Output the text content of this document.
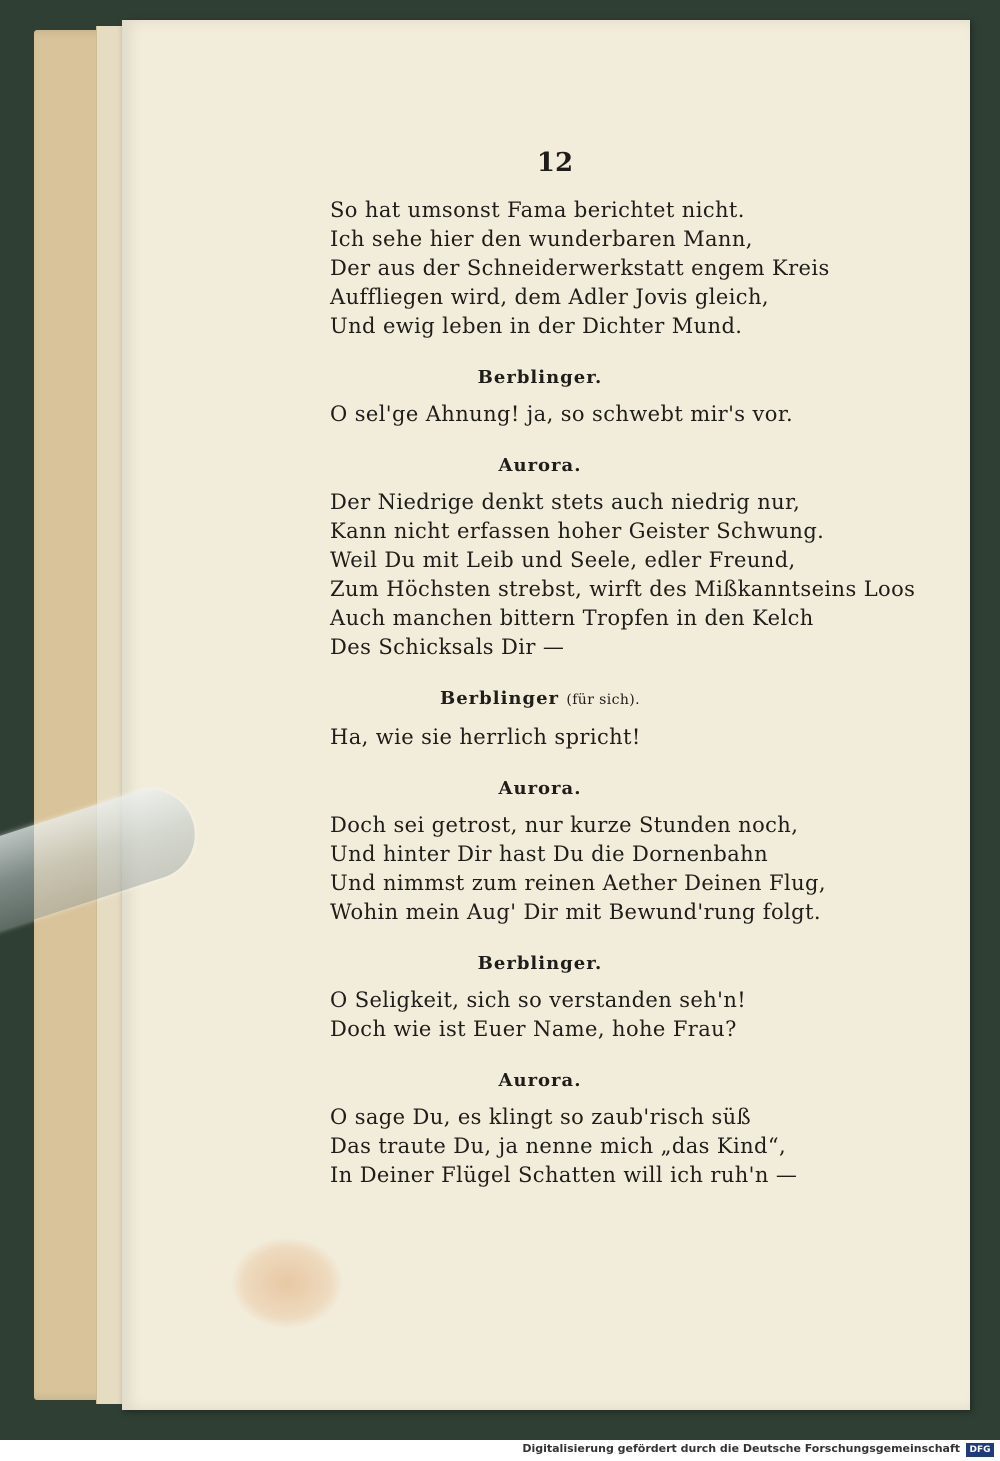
12
So hat umsonst Fama berichtet nicht.
Ich sehe hier den wunderbaren Mann,
Der aus der Schneiderwerkstatt engem Kreis
Auffliegen wird, dem Adler Jovis gleich,
Und ewig leben in der Dichter Mund.
Berblinger.
O sel'ge Ahnung! ja, so schwebt mir's vor.
Aurora.
Der Niedrige denkt stets auch niedrig nur,
Kann nicht erfassen hoher Geister Schwung.
Weil Du mit Leib und Seele, edler Freund,
Zum Höchsten strebst, wirft des Mißkanntseins Loos
Auch manchen bittern Tropfen in den Kelch
Des Schicksals Dir —
Berblinger (für sich).
Ha, wie sie herrlich spricht!
Aurora.
Doch sei getrost, nur kurze Stunden noch,
Und hinter Dir hast Du die Dornenbahn
Und nimmst zum reinen Aether Deinen Flug,
Wohin mein Aug' Dir mit Bewund'rung folgt.
Berblinger.
O Seligkeit, sich so verstanden seh'n!
Doch wie ist Euer Name, hohe Frau?
Aurora.
O sage Du, es klingt so zaub'risch süß
Das traute Du, ja nenne mich „das Kind“,
In Deiner Flügel Schatten will ich ruh'n —
Digitalisierung gefördert durch die Deutsche Forschungsgemeinschaft	DFG
